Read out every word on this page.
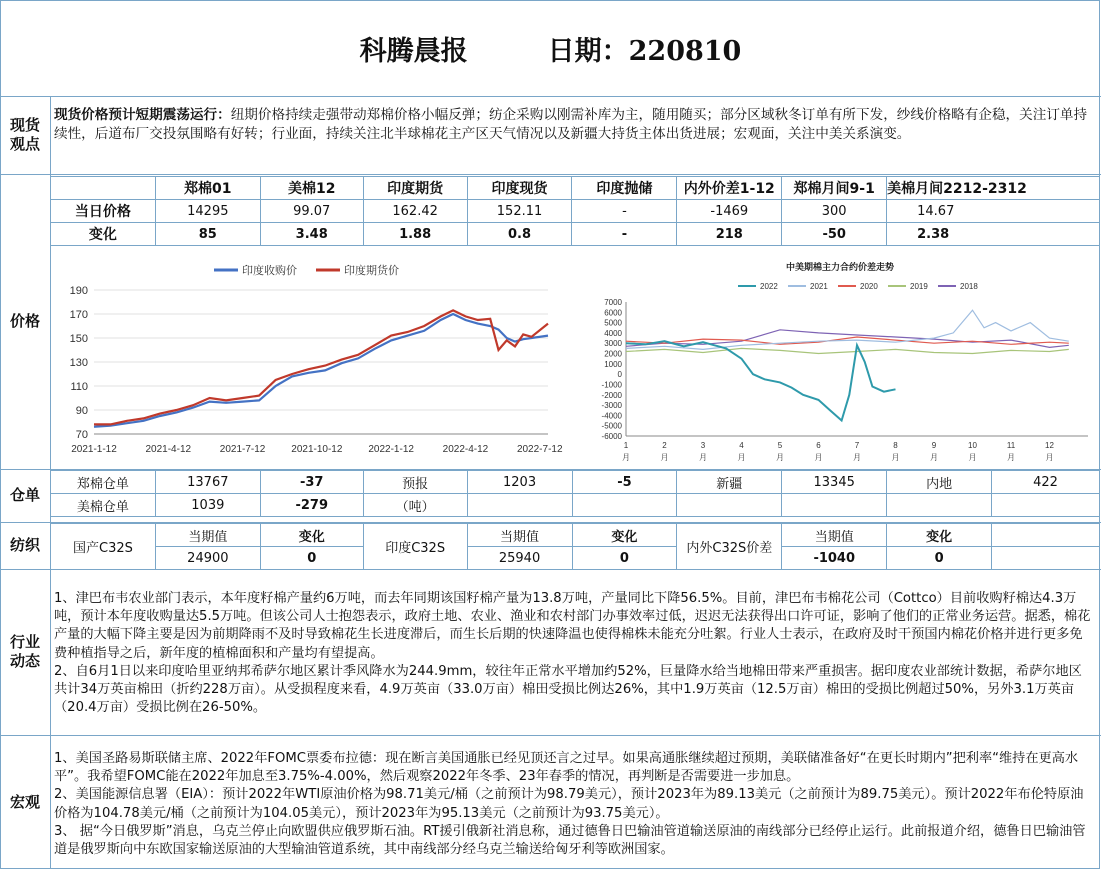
科腾晨报	日期：220810
现货观点
价格
仓单
纺织
行业动态
宏观
现货价格预计短期震荡运行：纽期价格持续走强带动郑棉价格小幅反弹；纺企采购以刚需补库为主，随用随买；部分区域秋冬订单有所下发，纱线价格略有企稳，关注订单持续性，后道布厂交投氛围略有好转；行业面，持续关注北半球棉花主产区天气情况以及新疆大持货主体出货进展；宏观面，关注中美关系演变。
	郑棉01	美棉12	印度期货	印度现货	印度抛储	内外价差1-12	郑棉月间9-1	美棉月间2212-2312
当日价格	14295	99.07	162.42	152.11	-	-1469	300	14.67
变化	85	3.48	1.88	0.8	-	218	-50	2.38
印度收购价	印度期货价
70
90
110
130
150
170
190
2021-1-12	2021-4-12	2021-7-12	2021-10-12	2022-1-12	2022-4-12	2022-7-12
中美期棉主力合约价差走势
2022	2021	2020	2019	2018
7000
6000
5000
4000
3000
2000
1000
0
-1000
-2000
-3000
-4000
-5000
-6000
1
月
2
月
3
月
4
月
5
月
6
月
7
月
8
月
9
月
10
月
11
月
12
月
郑棉仓单	13767	-37	预报	1203	-5	新疆	13345	内地	422
美棉仓单	1039	-279	（吨）						
国产C32S	当期值	变化	印度C32S	当期值	变化	内外C32S价差	当期值	变化	
	24900	0		25940	0		-1040	0	

1、津巴布韦农业部门表示，本年度籽棉产量约6万吨，而去年同期该国籽棉产量为13.8万吨，产量同比下降56.5%。目前，津巴布韦棉花公司（Cottco）目前收购籽棉达4.3万吨，预计本年度收购量达5.5万吨。但该公司人士抱怨表示，政府土地、农业、渔业和农村部门办事效率过低，迟迟无法获得出口许可证，影响了他们的正常业务运营。据悉，棉花产量的大幅下降主要是因为前期降雨不及时导致棉花生长进度滞后，而生长后期的快速降温也使得棉株未能充分吐絮。行业人士表示，在政府及时干预国内棉花价格并进行更多免费种植指导之后，新年度的植棉面积和产量均有望提高。

2、自6月1日以来印度哈里亚纳邦希萨尔地区累计季风降水为244.9mm，较往年正常水平增加约52%，巨量降水给当地棉田带来严重损害。据印度农业部统计数据，希萨尔地区共计34万英亩棉田（折约228万亩）。从受损程度来看，4.9万英亩（33.0万亩）棉田受损比例达26%，其中1.9万英亩（12.5万亩）棉田的受损比例超过50%，另外3.1万英亩（20.4万亩）受损比例在26-50%。

1、美国圣路易斯联储主席、2022年FOMC票委布拉德：现在断言美国通胀已经见顶还言之过早。如果高通胀继续超过预期，美联储准备好“在更长时期内”把利率“维持在更高水平”。我希望FOMC能在2022年加息至3.75%-4.00%，然后观察2022年冬季、23年春季的情况，再判断是否需要进一步加息。

2、美国能源信息署（EIA）：预计2022年WTI原油价格为98.71美元/桶（之前预计为98.79美元），预计2023年为89.13美元（之前预计为89.75美元）。预计2022年布伦特原油价格为104.78美元/桶（之前预计为104.05美元），预计2023年为95.13美元（之前预计为93.75美元）。

3、 据“今日俄罗斯”消息，乌克兰停止向欧盟供应俄罗斯石油。RT援引俄新社消息称，通过德鲁日巴输油管道输送原油的南线部分已经停止运行。此前报道介绍，德鲁日巴输油管道是俄罗斯向中东欧国家输送原油的大型输油管道系统，其中南线部分经乌克兰输送给匈牙利等欧洲国家。
